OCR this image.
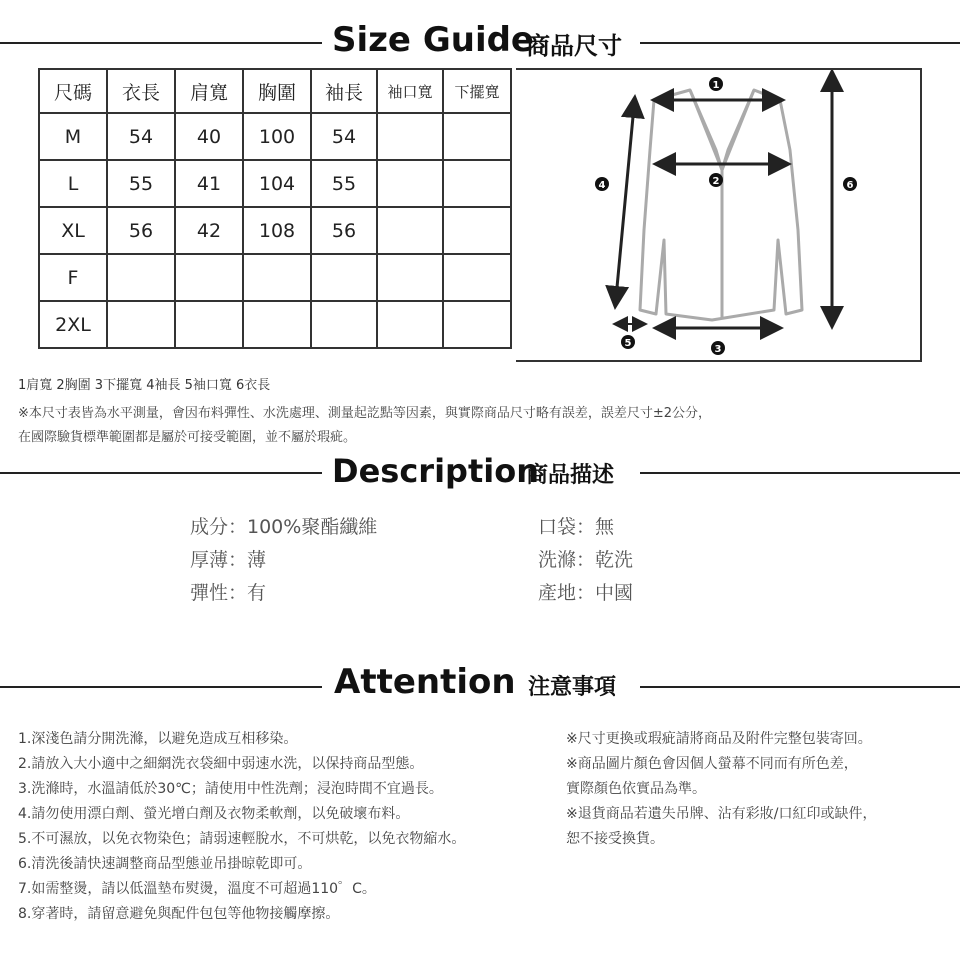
Size Guide
商品尺寸
尺碼	衣長	肩寬	胸圍	袖長	袖口寬	下擺寬
M	54	40	100	54		
L	55	41	104	55		
XL	56	42	108	56		
F						
2XL						
1
2
3
4
5
6
1肩寬 2胸圍 3下擺寬 4袖長 5袖口寬 6衣長
※本尺寸表皆為水平測量，會因布料彈性、水洗處理、測量起訖點等因素，與實際商品尺寸略有誤差，誤差尺寸±2公分，
在國際驗貨標準範圍都是屬於可接受範圍，並不屬於瑕疵。
Description
商品描述
成分：100%聚酯纖維
厚薄：薄
彈性：有
口袋：無
洗滌：乾洗
產地：中國
Attention 注意事項
1.深淺色請分開洗滌，以避免造成互相移染。
2.請放入大小適中之細網洗衣袋細中弱速水洗，以保持商品型態。
3.洗滌時，水溫請低於30℃；請使用中性洗劑；浸泡時間不宜過長。
4.請勿使用漂白劑、螢光增白劑及衣物柔軟劑，以免破壞布料。
5.不可濕放，以免衣物染色；請弱速輕脫水，不可烘乾，以免衣物縮水。
6.清洗後請快速調整商品型態並吊掛晾乾即可。
7.如需整燙，請以低溫墊布熨燙，溫度不可超過110゜C。
8.穿著時，請留意避免與配件包包等他物接觸摩擦。
※尺寸更換或瑕疵請將商品及附件完整包裝寄回。
※商品圖片顏色會因個人螢幕不同而有所色差，
實際顏色依實品為準。
※退貨商品若遺失吊牌、沾有彩妝/口紅印或缺件，
恕不接受換貨。
